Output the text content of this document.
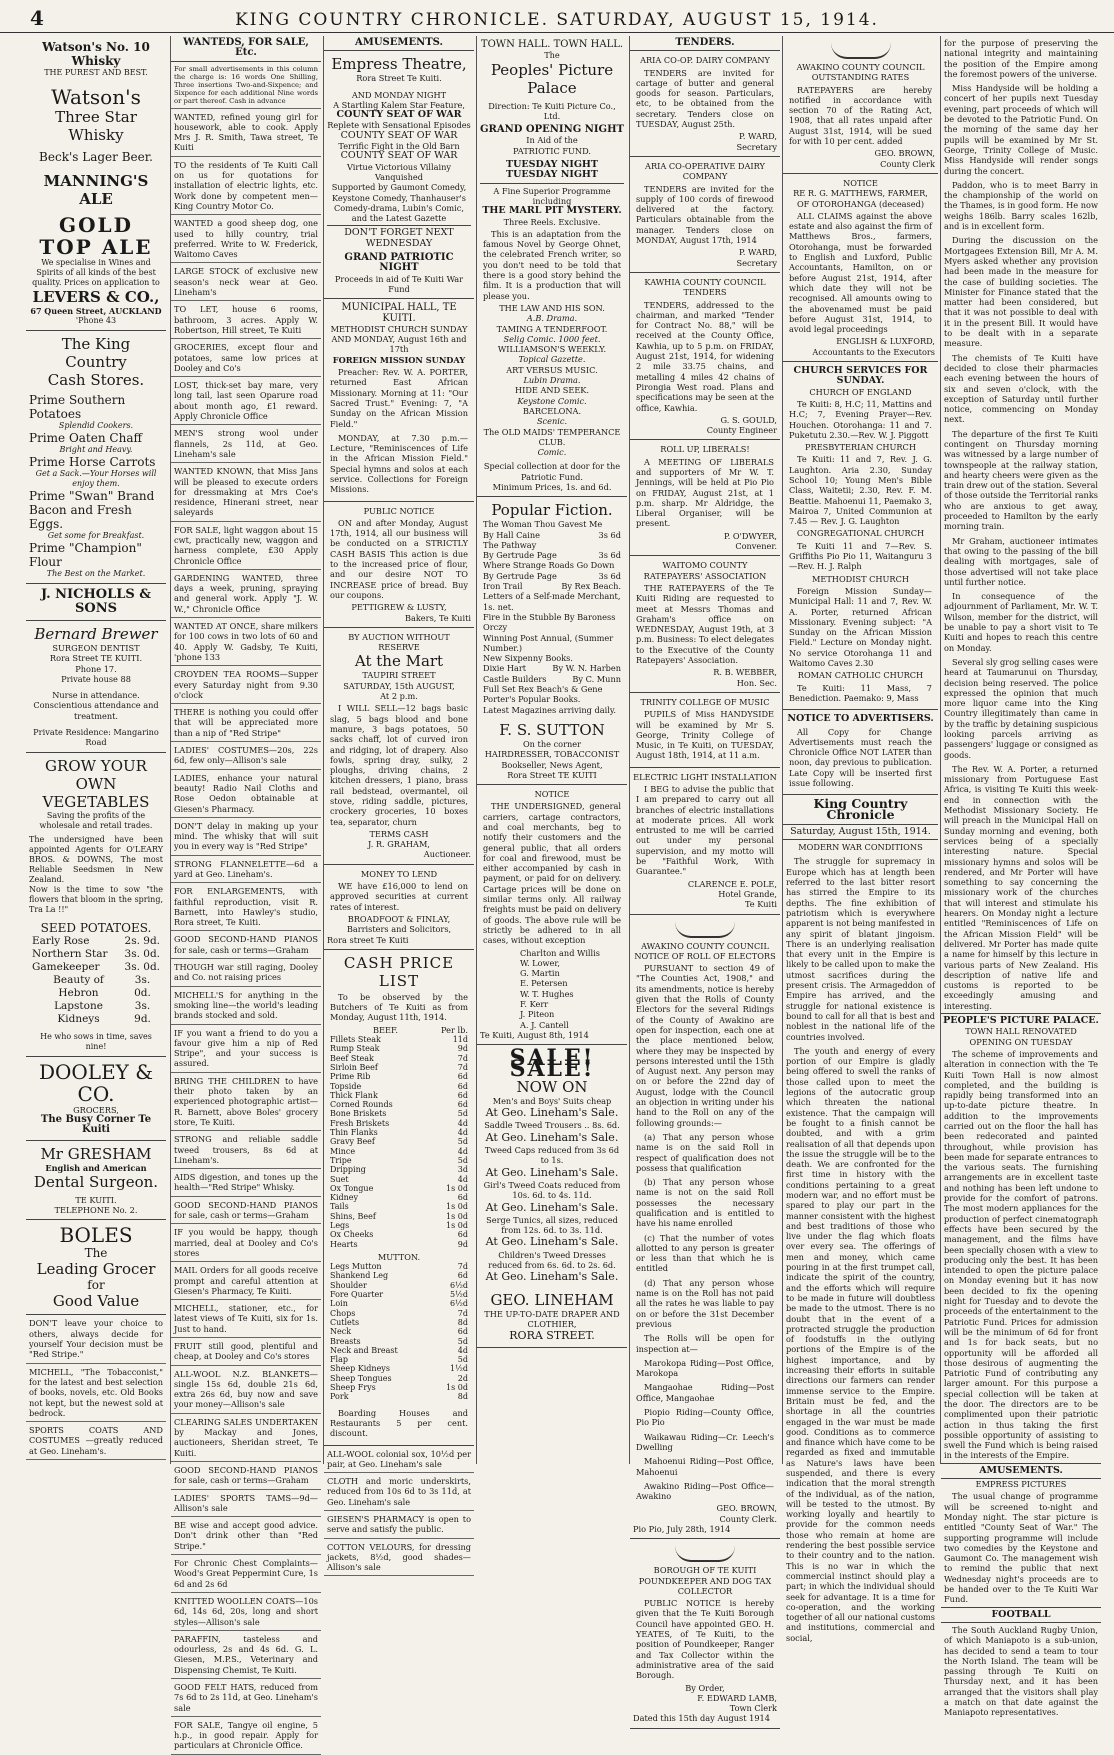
4	KING COUNTRY CHRONICLE. SATURDAY, AUGUST 15, 1914.
Watson's No. 10 Whisky
THE PUREST AND BEST.
Watson's
Three Star Whisky
Beck's Lager Beer.
MANNING'S ALE
GOLD TOP ALE
We specialise in Wines and Spirits of all kinds of the best quality. Prices on application to
LEVERS & CO.,
67 Queen Street, AUCKLAND
'Phone 43
The King Country
Cash Stores.
Prime Southern Potatoes
Splendid Cookers.
Prime Oaten Chaff
Bright and Heavy.
Prime Horse Carrots
Get a Sack.—Your Horses will enjoy them.
Prime "Swan" Brand Bacon and Fresh Eggs.
Get some for Breakfast.
Prime "Champion" Flour
The Best on the Market.
J. NICHOLLS & SONS
Bernard Brewer
SURGEON DENTIST
Rora Street TE KUITI.
Phone 17.
Private house 88
Nurse in attendance.
Conscientious attendance and treatment.
Private Residence: Mangarino Road
GROW YOUR
OWN VEGETABLES
Saving the profits of the wholesale and retail trades.
The undersigned have been appointed Agents for O'LEARY BROS. & DOWNS, The most Reliable Seedsmen in New Zealand.
Now is the time to sow "the flowers that bloom in the spring, Tra La !!"
SEED POTATOES.
Early Rose	2s. 9d.
Northern Star 3s. 0d.
Gamekeeper 3s. 0d.
Beauty of Hebron
3s. 0d.
Lapstone Kidneys
3s. 9d.
He who sows in time, saves nine!
DOOLEY & CO.
GROCERS,
The Busy Corner Te Kuiti
Mr GRESHAM
English and American
Dental Surgeon.
TE KUITI.
TELEPHONE No. 2.
BOLES
The
Leading Grocer
for
Good Value
DON'T leave your choice to others, always decide for yourself Your decision must be "Red Stripe."
MICHELL, "The Tobacconist," for the latest and best selection of books, novels, etc. Old Books not kept, but the newest sold at bedrock.
SPORTS COATS AND COSTUMES —greatly reduced at Geo. Lineham's.
WANTEDS, FOR SALE, Etc.
For small advertisements in this column the charge is: 16 words One Shilling, Three insertions Two-and-Sixpence; and Sixpence for each additional Nine words or part thereof. Cash in advance
WANTED, refined young girl for housework, able to cook. Apply Mrs J. R. Smith, Tawa street, Te Kuiti
TO the residents of Te Kuiti Call on us for quotations for installation of electric lights, etc. Work done by competent men—King Country Motor Co.
WANTED a good sheep dog, one used to hilly country, trial preferred. Write to W. Frederick, Waitomo Caves
LARGE STOCK of exclusive new season's neck wear at Geo. Lineham's
TO LET, house 6 rooms, bathroom, 3 acres. Apply W. Robertson, Hill street, Te Kuiti
GROCERIES, except flour and potatoes, same low prices at Dooley and Co's
LOST, thick-set bay mare, very long tail, last seen Oparure road about month ago, £1 reward. Apply Chronicle Office
MEN'S strong wool under flannels, 2s 11d, at Geo. Lineham's sale
WANTED KNOWN, that Miss Jans will be pleased to execute orders for dressmaking at Mrs Coe's residence, Hinerani street, near saleyards
FOR SALE, light waggon about 15 cwt, practically new, waggon and harness complete, £30 Apply Chronicle Office
GARDENING WANTED, three days a week, pruning, spraying and general work. Apply "J. W. W.," Chronicle Office
WANTED AT ONCE, share milkers for 100 cows in two lots of 60 and 40. Apply W. Gadsby, Te Kuiti, 'phone 133
CROYDEN TEA ROOMS—Supper every Saturday night from 9.30 o'clock
THERE is nothing you could offer that will be appreciated more than a nip of "Red Stripe"
LADIES' COSTUMES—20s, 22s 6d, few only—Allison's sale
LADIES, enhance your natural beauty! Radio Nail Cloths and Rose Oedon obtainable at Giesen's Pharmacy.
DON'T delay in making up your mind. The whisky that will suit you in every way is "Red Stripe"
STRONG FLANNELETTE—6d a yard at Geo. Lineham's.
FOR ENLARGEMENTS, with faithful reproduction, visit R. Barnett, into Hawley's studio, Rora street, Te Kuiti.
GOOD SECOND-HAND PIANOS for sale, cash or terms—Graham
THOUGH war still raging, Dooley and Co. not raising prices
MICHELL'S for anything in the smoking line—the world's leading brands stocked and sold.
IF you want a friend to do you a favour give him a nip of Red Stripe", and your success is assured.
BRING THE CHILDREN to have their photo taken by an experienced photographic artist—R. Barnett, above Boles' grocery store, Te Kuiti.
STRONG and reliable saddle tweed trousers, 8s 6d at Lineham's.
AIDS digestion, and tones up the health—"Red Stripe" Whisky.
GOOD SECOND-HAND PIANOS for sale, cash or terms—Graham
IF you would be happy, though married, deal at Dooley and Co's stores
MAIL Orders for all goods receive prompt and careful attention at Giesen's Pharmacy, Te Kuiti.
MICHELL, stationer, etc., for latest views of Te Kuiti, six for 1s. Just to hand.
FRUIT still good, plentiful and cheap, at Dooley and Co's stores
ALL-WOOL N.Z. BLANKETS—single 15s 6d, double 21s 6d, extra 26s 6d, buy now and save your money—Allison's sale
CLEARING SALES UNDERTAKEN by Mackay and Jones, auctioneers, Sheridan street, Te Kuiti.
GOOD SECOND-HAND PIANOS for sale, cash or terms—Graham
LADIES' SPORTS TAMS—9d—Allison's sale
BE wise and accept good advice. Don't drink other than "Red Stripe."
For Chronic Chest Complaints—Wood's Great Peppermint Cure, 1s 6d and 2s 6d
KNITTED WOOLLEN COATS—10s 6d, 14s 6d, 20s, long and short styles—Allison's sale
PARAFFIN, tasteless and odourless, 2s and 4s 6d. G. L. Giesen, M.P.S., Veterinary and Dispensing Chemist, Te Kuiti.
GOOD FELT HATS, reduced from 7s 6d to 2s 11d, at Geo. Lineham's sale
FOR SALE, Tangye oil engine, 5 h.p., in good repair. Apply for particulars at Chronicle Office.
AMUSEMENTS.
Empress Theatre,
Rora Street Te Kuiti.
AND MONDAY NIGHT
A Startling Kalem Star Feature,
COUNTY SEAT OF WAR
Replete with Sensational Episodes
COUNTY SEAT OF WAR
Terrific Fight in the Old Barn
COUNTY SEAT OF WAR
Virtue Victorious Villainy Vanquished
Supported by Gaumont Comedy, Keystone Comedy, Thanhauser's Comedy-drama, Lubin's Comic, and the Latest Gazette
DON'T FORGET NEXT WEDNESDAY
GRAND PATRIOTIC NIGHT
Proceeds in aid of Te Kuiti War Fund
MUNICIPAL HALL, TE KUITI.
METHODIST CHURCH SUNDAY AND MONDAY, August 16th and 17th
FOREIGN MISSION SUNDAY
Preacher: Rev. W. A. PORTER, returned East African Missionary. Morning at 11: "Our Sacred Trust." Evening: 7, "A Sunday on the African Mission Field."
MONDAY, at 7.30 p.m.—Lecture, "Reminiscences of Life in the African Mission Field." Special hymns and solos at each service. Collections for Foreign Missions.
PUBLIC NOTICE
ON and after Monday, August 17th, 1914, all our business will be conducted on a STRICTLY CASH BASIS This action is due to the increased price of flour, and our desire NOT TO INCREASE price of bread. Buy our coupons.
PETTIGREW & LUSTY,
Bakers, Te Kuiti
BY AUCTION WITHOUT RESERVE
At the Mart
TAUPIRI STREET
SATURDAY, 15th AUGUST,
At 2 p.m.
I WILL SELL—12 bags basic slag, 5 bags blood and bone manure, 3 bags potatoes, 50 sacks chaff, lot of curved iron and ridging, lot of drapery. Also fowls, spring dray, sulky, 2 ploughs, driving chains, 2 kitchen dressers, 1 piano, brass rail bedstead, overmantel, oil stove, riding saddle, pictures, crockery groceries, 10 boxes tea, separator, churn
TERMS CASH
J. R. GRAHAM,
Auctioneer.
MONEY TO LEND
WE have £16,000 to lend on approved securities at current rates of interest.
BROADFOOT & FINLAY,
Barristers and Solicitors,
Rora street Te Kuiti
CASH PRICE LIST
To be observed by the Butchers of Te Kuiti as from Monday, August 11th, 1914.
BEEF.	Per lb.
Fillets Steak	11d
Rump Steak	9d
Beef Steak	7d
Sirloin Beef	7d
Prime Rib	6d
Topside	6d
Thick Flank	6d
Corned Rounds	6d
Bone Briskets	5d
Fresh Briskets	4d
Thin Flanks	4d
Gravy Beef	5d
Mince	4d
Tripe	5d
Dripping	3d
Suet	4d
Ox Tongue	1s 0d
Kidney	6d
Tails	1s 0d
Shins, Beef	1s 0d
Legs	1s 0d
Ox Cheeks	6d
Hearts	9d
MUTTON.
Legs Mutton	7d
Shankend Leg	6d
Shoulder	6½d
Fore Quarter	5½d
Loin	6½d
Chops	7d
Cutlets	8d
Neck	6d
Breasts	5d
Neck and Breast	4d
Flap	5d
Sheep Kidneys	1½d
Sheep Tongues	2d
Sheep Frys	1s 0d
Pork	8d
Boarding Houses and Restaurants 5 per cent. discount.
ALL-WOOL colonial sox, 10½d per pair, at Geo. Lineham's sale
CLOTH and moric underskirts, reduced from 10s 6d to 3s 11d, at Geo. Lineham's sale
GIESEN'S PHARMACY is open to serve and satisfy the public.
COTTON VELOURS, for dressing jackets, 8½d, good shades—Allison's sale
TOWN HALL. TOWN HALL.
The
Peoples' Picture Palace
Direction: Te Kuiti Picture Co., Ltd.
GRAND OPENING NIGHT
In Aid of the
PATRIOTIC FUND.
TUESDAY NIGHT TUESDAY NIGHT
A Fine Superior Programme including
THE MARL PIT MYSTERY.
Three Reels. Exclusive.
This is an adaptation from the famous Novel by George Ohnet, the celebrated French writer, so you don't need to be told that there is a good story behind the film. It is a production that will please you.
THE LAW AND HIS SON.
A.B. Drama.
TAMING A TENDERFOOT.
Selig Comic. 1000 feet.
WILLIAMSON'S WEEKLY.
Topical Gazette.
ART VERSUS MUSIC.
Lubin Drama.
HIDE AND SEEK.
Keystone Comic.
BARCELONA.
Scenic.
The OLD MAIDS' TEMPERANCE CLUB.
Comic.
Special collection at door for the Patriotic Fund.
Minimum Prices, 1s. and 6d.
Popular Fiction.
The Woman Thou Gavest Me
By Hall Caine	3s 6d
The Pathway
By Gertrude Page	3s 6d
Where Strange Roads Go Down
By Gertrude Page	3s 6d
Iron Trail	By Rex Beach.
Letters of a Self-made Merchant, 1s. net.
Fire in the Stubble By Baroness Orczy
Winning Post Annual, (Summer Number.)
New Sixpenny Books.
Dixie Hart	By W. N. Harben
Castle Builders	By C. Munn
Full Set Rex Beach's & Gene Porter's Popular Books.
Latest Magazines arriving daily.
F. S. SUTTON
On the corner
HAIRDRESSER, TOBACCONIST
Bookseller, News Agent,
Rora Street TE KUITI
NOTICE
THE UNDERSIGNED, general carriers, cartage contractors, and coal merchants, beg to notify their customers and the general public, that all orders for coal and firewood, must be either accompanied by cash in payment, or paid for on delivery. Cartage prices will be done on similar terms only. All railway freights must be paid on delivery of goods. The above rule will be strictly be adhered to in all cases, without exception
Charlton and Willis
W. Lower,
G. Martin
E. Petersen
W. T. Hughes
F. Kerr
J. Piteon
A. J. Cantell
Te Kuiti, August 8th, 1914
SALE! SALE!
NOW ON
Men's and Boys' Suits cheap
At Geo. Lineham's Sale.
Saddle Tweed Trousers .. 8s. 6d.
At Geo. Lineham's Sale.
Tweed Caps reduced from 3s 6d to 1s.
At Geo. Lineham's Sale.
Girl's Tweed Coats reduced from 10s. 6d. to 4s. 11d.
At Geo. Lineham's Sale.
Serge Tunics, all sizes, reduced from 12s. 6d. to 3s. 11d.
At Geo. Lineham's Sale.
Children's Tweed Dresses reduced from 6s. 6d. to 2s. 6d.
At Geo. Lineham's Sale.
GEO. LINEHAM
THE UP-TO-DATE DRAPER AND CLOTHIER,
RORA STREET.
TENDERS.
ARIA CO-OP. DAIRY COMPANY
TENDERS are invited for cartage of butter and general goods for season. Particulars, etc, to be obtained from the secretary. Tenders close on TUESDAY, August 25th.
P. WARD,
Secretary
ARIA CO-OPERATIVE DAIRY COMPANY
TENDERS are invited for the supply of 100 cords of firewood delivered at the factory. Particulars obtainable from the manager. Tenders close on MONDAY, August 17th, 1914
P. WARD,
Secretary
KAWHIA COUNTY COUNCIL
TENDERS
TENDERS, addressed to the chairman, and marked "Tender for Contract No. 88," will be received at the County Office, Kawhia, up to 5 p.m. on FRIDAY, August 21st, 1914, for widening 2 mile 33.75 chains, and metalling 4 miles 42 chains of Pirongia West road. Plans and specifications may be seen at the office, Kawhia.
G. S. GOULD,
County Engineer
ROLL UP, LIBERALS!
A MEETING OF LIBERALS and supporters of Mr W. T. Jennings, will be held at Pio Pio on FRIDAY, August 21st, at 1 p.m. sharp. Mr Aldridge, the Liberal Organiser, will be present.
P. O'DWYER,
Convener.
WAITOMO COUNTY RATEPAYERS' ASSOCIATION
THE RATEPAYERS of the Te Kuiti Riding are requested to meet at Messrs Thomas and Graham's office on WEDNESDAY, August 19th, at 3 p.m. Business: To elect delegates to the Executive of the County Ratepayers' Association.
R. B. WEBBER,
Hon. Sec.
TRINITY COLLEGE OF MUSIC
PUPILS of Miss HANDYSIDE will be examined by Mr S. George, Trinity College of Music, in Te Kuiti, on TUESDAY, August 18th, 1914, at 11 a.m.
ELECTRIC LIGHT INSTALLATION
I BEG to advise the public that I am prepared to carry out all branches of electric installations at moderate prices. All work entrusted to me will be carried out under my personal supervision, and my motto will be "Faithful Work, With Guarantee."
CLARENCE E. POLE,
Hotel Grande,
Te Kuiti
AWAKINO COUNTY COUNCIL
NOTICE OF ROLL OF ELECTORS
PURSUANT to section 49 of "The Counties Act, 1908," and its amendments, notice is hereby given that the Rolls of County Electors for the several Ridings of the County of Awakino are open for inspection, each one at the place mentioned below, where they may be inspected by persons interested until the 15th of August next. Any person may on or before the 22nd day of August, lodge with the Council an objection in writing under his hand to the Roll on any of the following grounds:—
(a) That any person whose name is on the said Roll in respect of qualification does not possess that qualification
(b) That any person whose name is not on the said Roll possesses the necessary qualification and is entitled to have his name enrolled
(c) That the number of votes allotted to any person is greater or less than that which he is entitled
(d) That any person whose name is on the Roll has not paid all the rates he was liable to pay on or before the 31st December previous
The Rolls will be open for inspection at—
Marokopa Riding—Post Office, Marokopa
Mangaohae Riding—Post Office, Mangaohae
Piopio Riding—County Office, Pio Pio
Waikawau Riding—Cr. Leech's Dwelling
Mahoenui Riding—Post Office, Mahoenui
Awakino Riding—Post Office—Awakino
GEO. BROWN,
County Clerk.
Pio Pio, July 28th, 1914
BOROUGH OF TE KUITI
POUNDKEEPER AND DOG TAX COLLECTOR
PUBLIC NOTICE is hereby given that the Te Kuiti Borough Council have appointed GEO. H. YEATES, of Te Kuiti, to the position of Poundkeeper, Ranger and Tax Collector within the administrative area of the said Borough.
By Order,
F. EDWARD LAMB,
Town Clerk
Dated this 15th day August 1914
AWAKINO COUNTY COUNCIL
OUTSTANDING RATES
RATEPAYERS are hereby notified in accordance with section 70 of the Rating Act, 1908, that all rates unpaid after August 31st, 1914, will be sued for with 10 per cent. added
GEO. BROWN,
County Clerk
NOTICE
RE R. G. MATTHEWS, FARMER, OF OTOROHANGA (deceased)
ALL CLAIMS against the above estate and also against the firm of Matthews Bros., farmers, Otorohanga, must be forwarded to English and Luxford, Public Accountants, Hamilton, on or before August 21st, 1914, after which date they will not be recognised. All amounts owing to the abovenamed must be paid before August 31st, 1914, to avoid legal proceedings
ENGLISH & LUXFORD,
Accountants to the Executors
CHURCH SERVICES FOR SUNDAY.
CHURCH OF ENGLAND
Te Kuiti: 8, H.C; 11, Mattins and H.C; 7, Evening Prayer—Rev. Houchen. Otorohanga: 11 and 7. Puketutu 2.30.—Rev. W. J. Piggott
PRESBYTERIAN CHURCH
Te Kuiti: 11 and 7, Rev. J. G. Laughton. Aria 2.30, Sunday School 10; Young Men's Bible Class, Waitetii; 2.30, Rev. F. M. Beattie. Mahoenui 11, Paemako 3, Mairoa 7, United Communion at 7.45 — Rev. J. G. Laughton
CONGREGATIONAL CHURCH
Te Kuiti 11 and 7—Rev. S. Griffiths Pio Pio 11, Waitanguru 3—Rev. H. J. Ralph
METHODIST CHURCH
Foreign Mission Sunday—Municipal Hall: 11 and 7, Rev. W. A. Porter, returned African Missionary. Evening subject: "A Sunday on the African Mission Field." Lecture on Monday night. No service Otorohanga 11 and Waitomo Caves 2.30
ROMAN CATHOLIC CHURCH
Te Kuiti: 11 Mass, 7 Benediction. Paemako: 9, Mass
NOTICE TO ADVERTISERS.
All Copy for Change Advertisements must reach the Chronicle Office NOT LATER than noon, day previous to publication. Late Copy will be inserted first issue following.
King Country Chronicle
Saturday, August 15th, 1914.
MODERN WAR CONDITIONS
The struggle for supremacy in Europe which has at length been referred to the last bitter resort has stirred the Empire to its depths. The fine exhibition of patriotism which is everywhere apparent is not being manifested in any spirit of blatant jingoism. There is an underlying realisation that every unit in the Empire is likely to be called upon to make the utmost sacrifices during the present crisis. The Armageddon of Empire has arrived, and the struggle for national existence is bound to call for all that is best and noblest in the national life of the countries involved.
The youth and energy of every portion of our Empire is gladly being offered to swell the ranks of those called upon to meet the legions of the autocratic group which threaten the national existence. That the campaign will be fought to a finish cannot be doubted, and with a grim realisation of all that depends upon the issue the struggle will be to the death. We are confronted for the first time in history with the conditions pertaining to a great modern war, and no effort must be spared to play our part in the manner consistent with the highest and best traditions of those who live under the flag which floats over every sea. The offerings of men and money, which came pouring in at the first trumpet call, indicate the spirit of the country, and the efforts which will require to be made in future will doubtless be made to the utmost. There is no doubt that in the event of a protracted struggle the production of foodstuffs in the outlying portions of the Empire is of the highest importance, and by increasing their efforts in suitable directions our farmers can render immense service to the Empire. Britain must be fed, and the shortage in all the countries engaged in the war must be made good. Conditions as to commerce and finance which have come to be regarded as fixed and immutable as Nature's laws have been suspended, and there is every indication that the moral strength of the individual, as of the nation, will be tested to the utmost. By working loyally and heartily to provide for the common needs those who remain at home are rendering the best possible service to their country and to the nation. This is no war in which the commercial instinct should play a part; in which the individual should seek for advantage. It is a time for co-operation, and the working together of all our national customs and institutions, commercial and social,
for the purpose of preserving the national integrity and maintaining the position of the Empire among the foremost powers of the universe.
Miss Handyside will be holding a concert of her pupils next Tuesday evening, part proceeds of which will be devoted to the Patriotic Fund. On the morning of the same day her pupils will be examined by Mr St. George, Trinity College of Music. Miss Handyside will render songs during the concert.
Paddon, who is to meet Barry in the championship of the world on the Thames, is in good form. He now weighs 186lb. Barry scales 162lb, and is in excellent form.
During the discussion on the Mortgagees Extension Bill, Mr A. M. Myers asked whether any provision had been made in the measure for the case of building societies. The Minister for Finance stated that the matter had been considered, but that it was not possible to deal with it in the present Bill. It would have to be dealt with in a separate measure.
The chemists of Te Kuiti have decided to close their pharmacies each evening between the hours of six and seven o'clock, with the exception of Saturday until further notice, commencing on Monday next.
The departure of the first Te Kuiti contingent on Thursday morning was witnessed by a large number of townspeople at the railway station, and hearty cheers were given as the train drew out of the station. Several of those outside the Territorial ranks who are anxious to get away, proceeded to Hamilton by the early morning train.
Mr Graham, auctioneer intimates that owing to the passing of the bill dealing with mortgages, sale of those advertised will not take place until further notice.
In consequence of the adjournment of Parliament, Mr. W. T. Wilson, member for the district, will be unable to pay a short visit to Te Kuiti and hopes to reach this centre on Monday.
Several sly grog selling cases were heard at Taumarunui on Thursday, decision being reserved. The police expressed the opinion that much more liquor came into the King Country illegitimately than came in by the traffic by detaining suspicious looking parcels arriving as passengers' luggage or consigned as goods.
The Rev. W. A. Porter, a returned missionary from Portuguese East Africa, is visiting Te Kuiti this week-end in connection with the Methodist Missionary Society. He will preach in the Municipal Hall on Sunday morning and evening, both services being of a specially interesting nature. Special missionary hymns and solos will be rendered, and Mr Porter will have something to say concerning the missionary work of the churches that will interest and stimulate his hearers. On Monday night a lecture entitled "Reminiscences of Life on the African Mission Field" will be delivered. Mr Porter has made quite a name for himself by this lecture in various parts of New Zealand. His description of native life and customs is reported to be exceedingly amusing and interesting.
PEOPLE'S PICTURE PALACE.
TOWN HALL RENOVATED
OPENING ON TUESDAY
The scheme of improvements and alteration in connection with the Te Kuiti Town Hall is now almost completed, and the building is rapidly being transformed into an up-to-date picture theatre. In addition to the improvements carried out on the floor the hall has been redecorated and painted throughout, while provision has been made for separate entrances to the various seats. The furnishing arrangements are in excellent taste and nothing has been left undone to provide for the comfort of patrons. The most modern appliances for the production of perfect cinematograph effects have been secured by the management, and the films have been specially chosen with a view to producing only the best. It has been intended to open the picture palace on Monday evening but it has now been decided to fix the opening night for Tuesday and to devote the proceeds of the entertainment to the Patriotic Fund. Prices for admission will be the minimum of 6d for front and 1s for back seats, but no opportunity will be afforded all those desirous of augmenting the Patriotic Fund of contributing any larger amount. For this purpose a special collection will be taken at the door. The directors are to be complimented upon their patriotic action in thus taking the first possible opportunity of assisting to swell the Fund which is being raised in the interests of the Empire.
AMUSEMENTS.
EMPRESS PICTURES
The usual change of programme will be screened to-night and Monday night. The star picture is entitled "County Seat of War." The supporting programme will include two comedies by the Keystone and Gaumont Co. The management wish to remind the public that next Wednesday night's proceeds are to be handed over to the Te Kuiti War Fund.
FOOTBALL
The South Auckland Rugby Union, of which Maniapoto is a sub-union, has decided to send a team to tour the North Island. The team will be passing through Te Kuiti on Thursday next, and it has been arranged that the visitors shall play a match on that date against the Maniapoto representatives.
